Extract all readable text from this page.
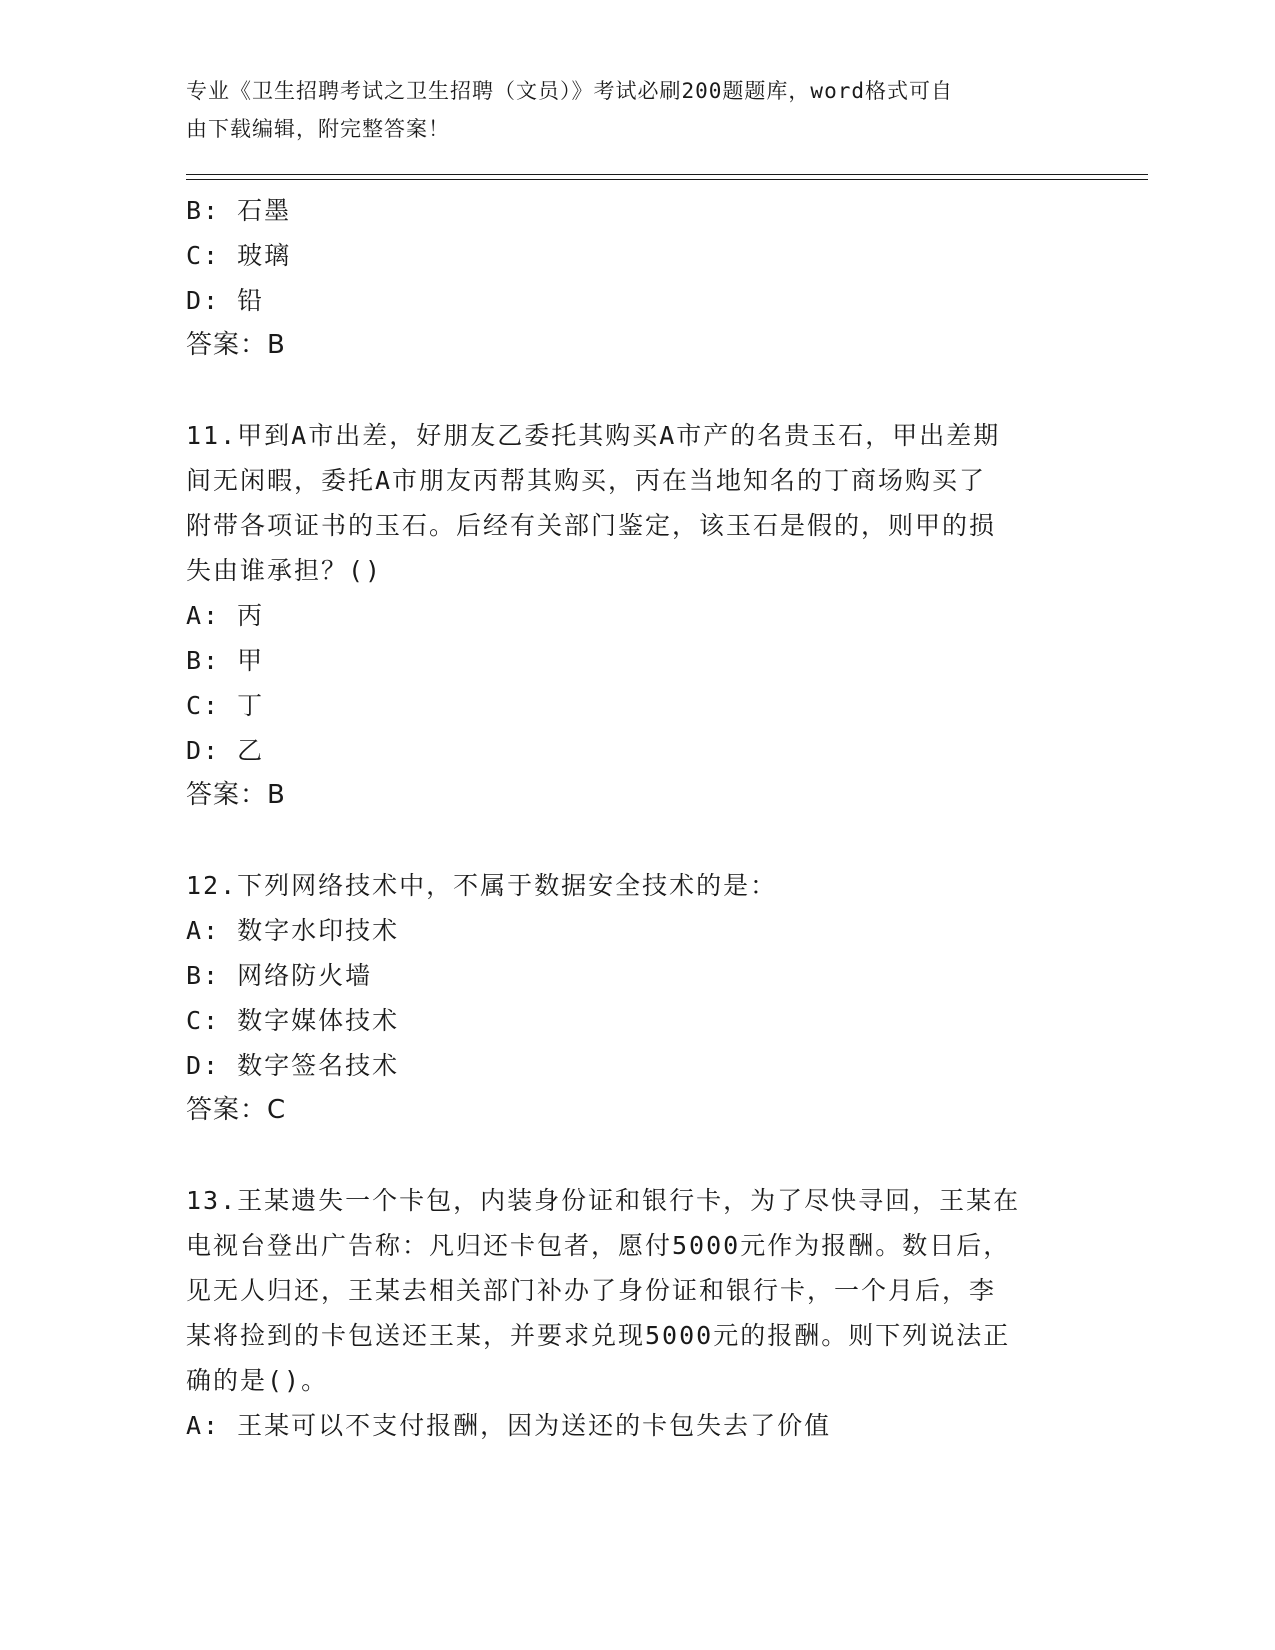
专业《卫生招聘考试之卫生招聘（文员）》考试必刷200题题库，word格式可自
由下载编辑，附完整答案！
B: 石墨
C: 玻璃
D: 铅
答案：B
11.甲到A市出差，好朋友乙委托其购买A市产的名贵玉石，甲出差期
间无闲暇，委托A市朋友丙帮其购买，丙在当地知名的丁商场购买了
附带各项证书的玉石。后经有关部门鉴定，该玉石是假的，则甲的损
失由谁承担？()
A: 丙
B: 甲
C: 丁
D: 乙
答案：B
12.下列网络技术中，不属于数据安全技术的是：
A: 数字水印技术
B: 网络防火墙
C: 数字媒体技术
D: 数字签名技术
答案：C
13.王某遗失一个卡包，内装身份证和银行卡，为了尽快寻回，王某在
电视台登出广告称：凡归还卡包者，愿付5000元作为报酬。数日后，
见无人归还，王某去相关部门补办了身份证和银行卡，一个月后，李
某将捡到的卡包送还王某，并要求兑现5000元的报酬。则下列说法正
确的是()。
A: 王某可以不支付报酬，因为送还的卡包失去了价值
